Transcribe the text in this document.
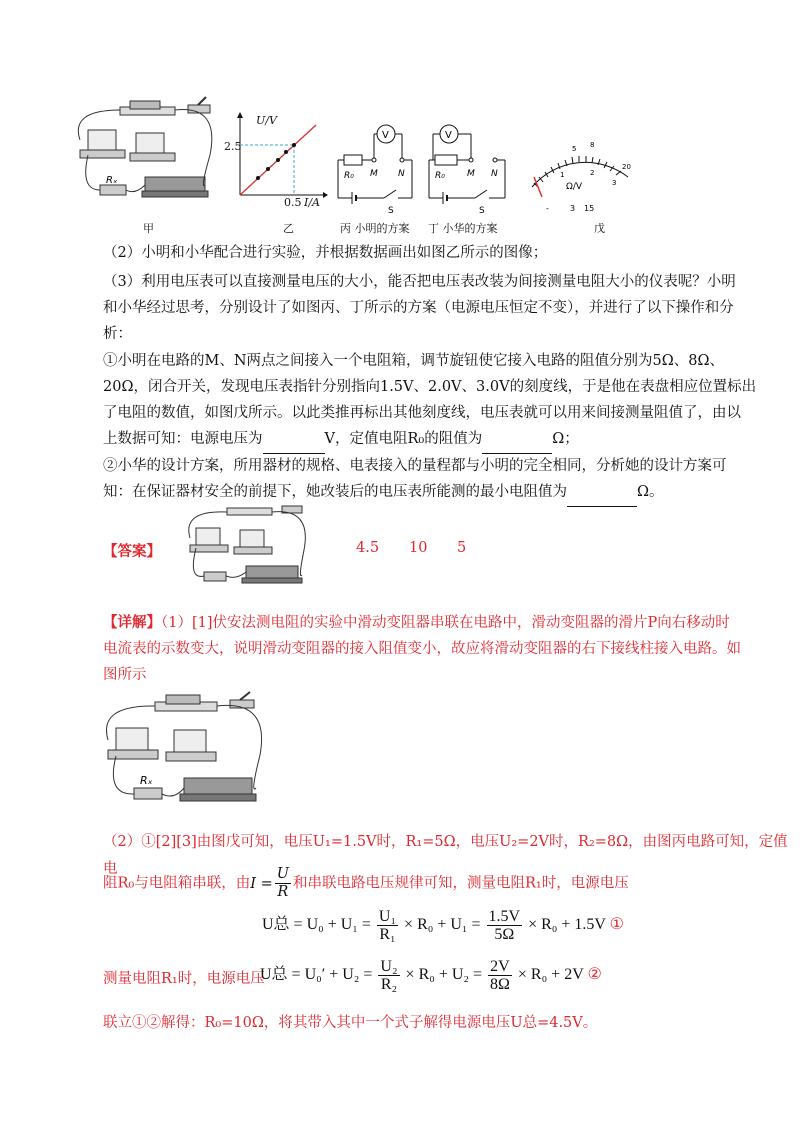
Rₓ
甲
U/V
2.5
0.5 I/A
乙
V
R₀ M N
S
丙 小明的方案
V
R₀ M N
S
丁 小华的方案
Ω/V
5 8
20
1	2
3
-	3 15
戊
（2）小明和小华配合进行实验，并根据数据画出如图乙所示的图像；
（3）利用电压表可以直接测量电压的大小，能否把电压表改装为间接测量电阻大小的仪表呢？小明
和小华经过思考，分别设计了如图丙、丁所示的方案（电源电压恒定不变），并进行了以下操作和分
析：
①小明在电路的M、N两点之间接入一个电阻箱，调节旋钮使它接入电路的阻值分别为5Ω、8Ω、
20Ω，闭合开关，发现电压表指针分别指向1.5V、2.0V、3.0V的刻度线，于是他在表盘相应位置标出
了电阻的数值，如图戊所示。以此类推再标出其他刻度线，电压表就可以用来间接测量阻值了，由以
上数据可知：电源电压为	V，定值电阻R₀的阻值为	Ω；
②小华的设计方案，所用器材的规格、电表接入的量程都与小明的完全相同，分析她的设计方案可
知：在保证器材安全的前提下，她改装后的电压表所能测的最小电阻值为	Ω。
【答案】	4.5 10 5
【详解】（1）[1]伏安法测电阻的实验中滑动变阻器串联在电路中，滑动变阻器的滑片P向右移动时
电流表的示数变大，说明滑动变阻器的接入阻值变小，故应将滑动变阻器的右下接线柱接入电路。如
图所示
Rₓ
（2）①[2][3]由图戊可知，电压U₁=1.5V时，R₁=5Ω，电压U₂=2V时，R₂=8Ω，由图丙电路可知，定值电
阻R₀与电阻箱串联，由$I = \frac{U}{R}$ 和串联电路电压规律可知，测量电阻R₁时，电源电压
U总 = $U_0 + U_1 = \frac{\text{U₁}}{\text{R₁}} \times R_0 + U_1 = \frac{1.5V}{5\Omega} \times R_0 + 1.5V$ ①
测量电阻R₁时，电源电压
U总 = $U_0' + U_2 = \frac{\text{U₂}}{\text{R₂}} \times R_0 + U_2 = \frac{2V}{8\Omega} \times R_0 + 2V$ ②
联立①②解得：R₀=10Ω，将其带入其中一个式子解得电源电压U总=4.5V。
